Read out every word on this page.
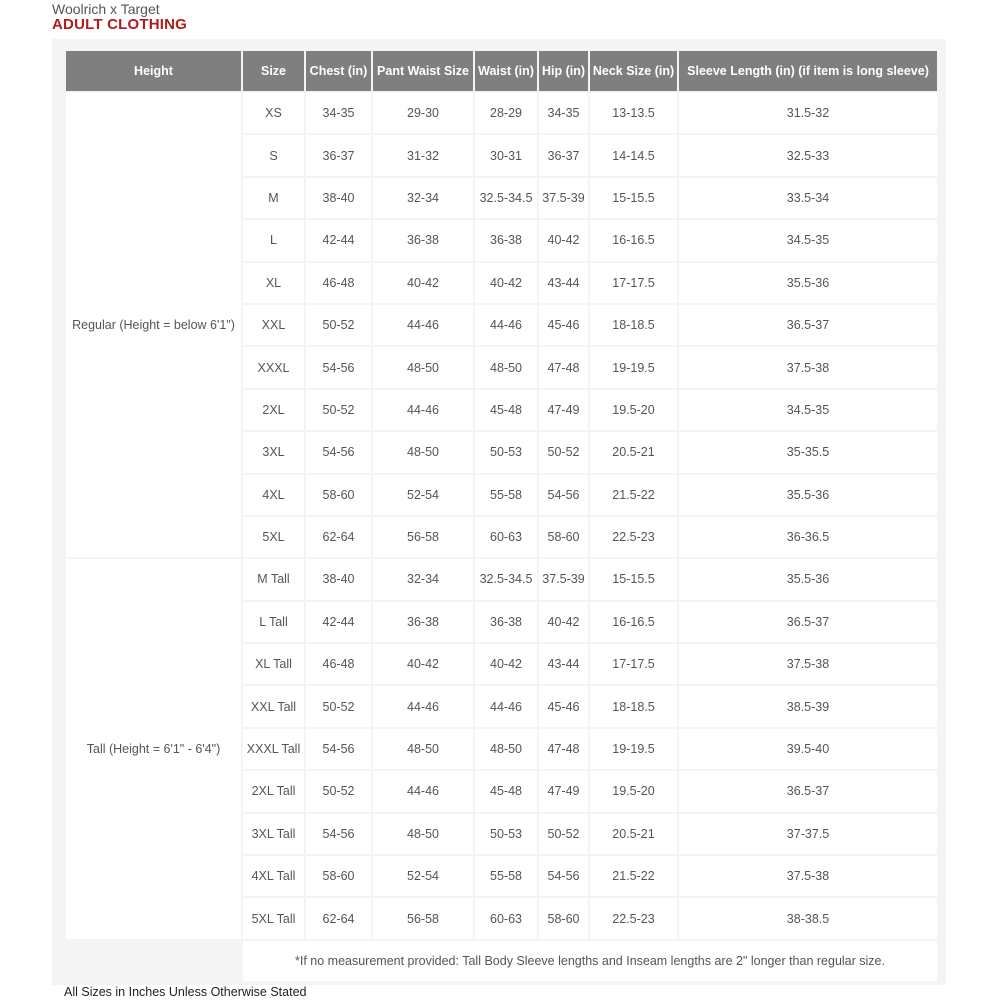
Woolrich x Target
ADULT CLOTHING
Height	Size	Chest (in)	Pant Waist Size	Waist (in)	Hip (in)	Neck Size (in)	Sleeve Length (in) (if item is long sleeve)
Regular (Height = below 6'1")	XS	34-35	29-30	28-29	34-35	13-13.5	31.5-32
	S	36-37	31-32	30-31	36-37	14-14.5	32.5-33
	M	38-40	32-34	32.5-34.5	37.5-39	15-15.5	33.5-34
	L	42-44	36-38	36-38	40-42	16-16.5	34.5-35
	XL	46-48	40-42	40-42	43-44	17-17.5	35.5-36
	XXL	50-52	44-46	44-46	45-46	18-18.5	36.5-37
	XXXL	54-56	48-50	48-50	47-48	19-19.5	37.5-38
	2XL	50-52	44-46	45-48	47-49	19.5-20	34.5-35
	3XL	54-56	48-50	50-53	50-52	20.5-21	35-35.5
	4XL	58-60	52-54	55-58	54-56	21.5-22	35.5-36
	5XL	62-64	56-58	60-63	58-60	22.5-23	36-36.5
Tall (Height = 6'1" - 6'4")	M Tall	38-40	32-34	32.5-34.5	37.5-39	15-15.5	35.5-36
	L Tall	42-44	36-38	36-38	40-42	16-16.5	36.5-37
	XL Tall	46-48	40-42	40-42	43-44	17-17.5	37.5-38
	XXL Tall	50-52	44-46	44-46	45-46	18-18.5	38.5-39
	XXXL Tall	54-56	48-50	48-50	47-48	19-19.5	39.5-40
	2XL Tall	50-52	44-46	45-48	47-49	19.5-20	36.5-37
	3XL Tall	54-56	48-50	50-53	50-52	20.5-21	37-37.5
	4XL Tall	58-60	52-54	55-58	54-56	21.5-22	37.5-38
	5XL Tall	62-64	56-58	60-63	58-60	22.5-23	38-38.5
	*If no measurement provided: Tall Body Sleeve lengths and Inseam lengths are 2" longer than regular size.						
All Sizes in Inches Unless Otherwise Stated
